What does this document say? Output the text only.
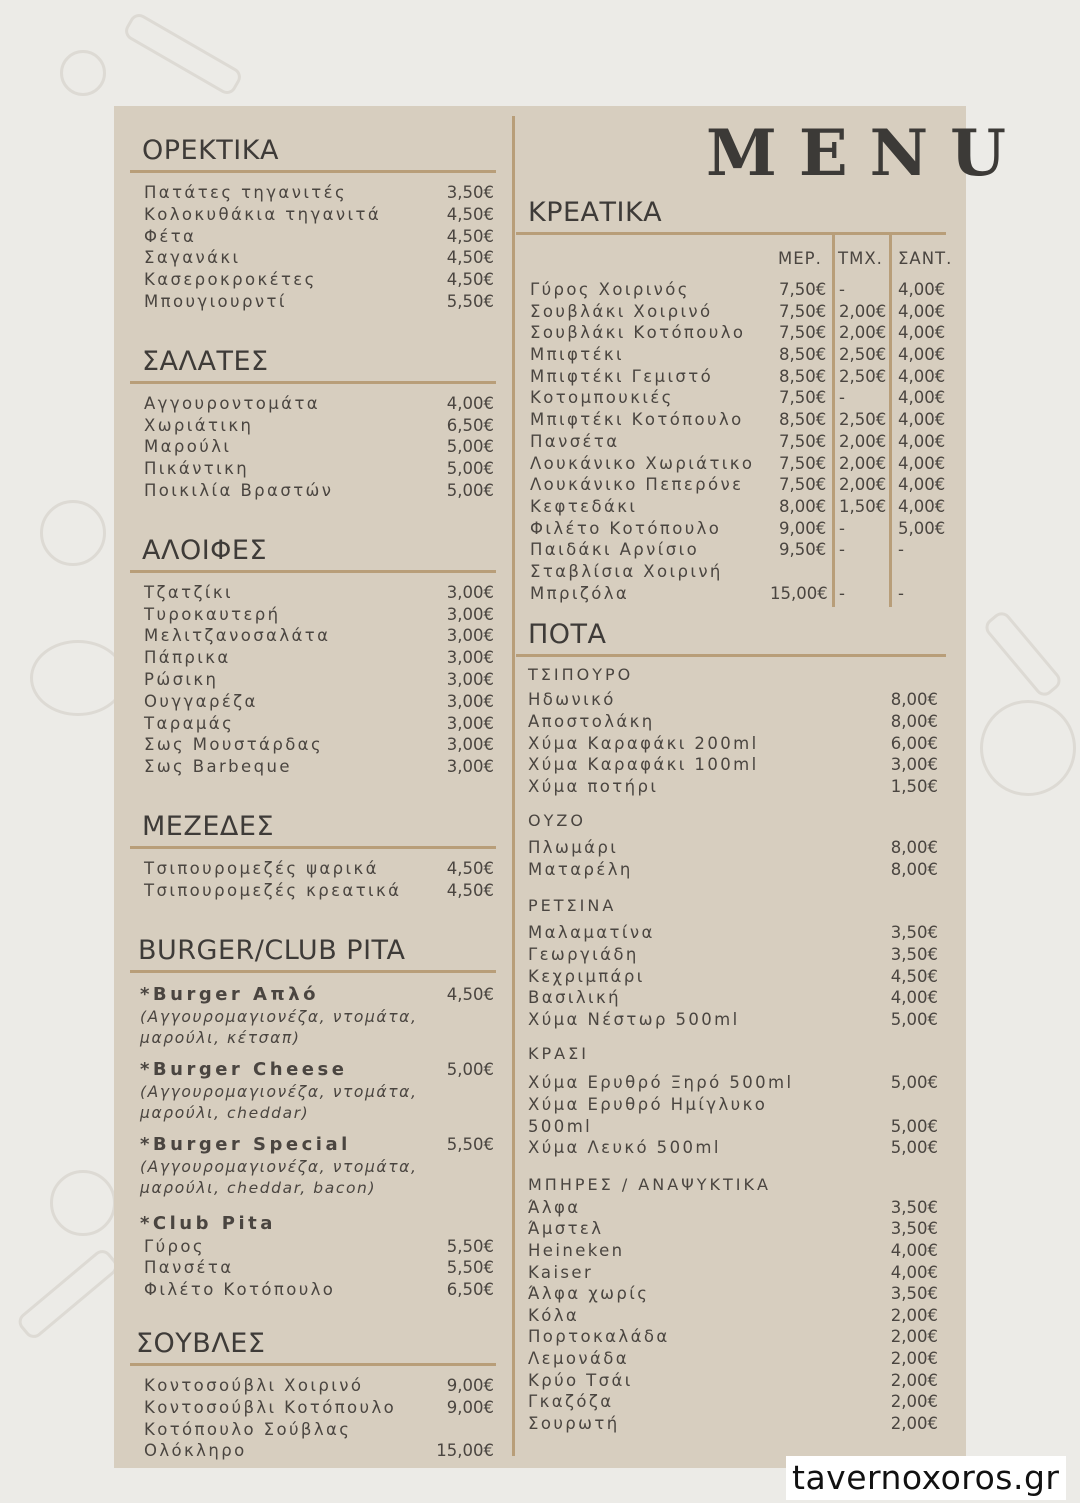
ΟΡΕΚΤΙΚΑ
Πατάτες τηγανιτές	3,50€
Κολοκυθάκια τηγανιτά	4,50€
Φέτα	4,50€
Σαγανάκι	4,50€
Κασεροκροκέτες	4,50€
Μπουγιουρντί	5,50€
ΣΑΛΑΤΕΣ
Αγγουροντομάτα	4,00€
Χωριάτικη	6,50€
Μαρούλι	5,00€
Πικάντικη	5,00€
Ποικιλία Βραστών	5,00€
ΑΛΟΙΦΕΣ
Τζατζίκι	3,00€
Τυροκαυτερή	3,00€
Μελιτζανοσαλάτα	3,00€
Πάπρικα	3,00€
Ρώσικη	3,00€
Ουγγαρέζα	3,00€
Ταραμάς	3,00€
Σως Μουστάρδας	3,00€
Σως Barbeque	3,00€
ΜΕΖΕΔΕΣ
Τσιπουρομεζές ψαρικά	4,50€
Τσιπουρομεζές κρεατικά	4,50€
BURGER/CLUB PITA
*Burger Απλό	4,50€
(Αγγουρομαγιονέζα, ντομάτα,
μαρούλι, κέτσαπ)
*Burger Cheese	5,00€
(Αγγουρομαγιονέζα, ντομάτα,
μαρούλι, cheddar)
*Burger Special	5,50€
(Αγγουρομαγιονέζα, ντομάτα,
μαρούλι, cheddar, bacon)
*Club Pita
Γύρος	5,50€
Πανσέτα	5,50€
Φιλέτο Κοτόπουλο	6,50€
ΣΟΥΒΛΕΣ
Κοντοσούβλι Χοιρινό	9,00€
Κοντοσούβλι Κοτόπουλο	9,00€
Κοτόπουλο Σούβλας
Ολόκληρο	15,00€
MENU
ΚΡΕΑΤΙΚΑ
ΜΕΡ. ΤΜΧ. ΣΑΝΤ.
Γύρος Χοιρινός	7,50€ -	4,00€
Σουβλάκι Χοιρινό	7,50€ 2,00€ 4,00€
Σουβλάκι Κοτόπουλο 7,50€ 2,00€ 4,00€
Μπιφτέκι	8,50€ 2,50€ 4,00€
Μπιφτέκι Γεμιστό	8,50€ 2,50€ 4,00€
Κοτομπουκιές	7,50€ -	4,00€
Μπιφτέκι Κοτόπουλο 8,50€ 2,50€ 4,00€
Πανσέτα	7,50€ 2,00€ 4,00€
Λουκάνικο Χωριάτικο 7,50€ 2,00€ 4,00€
Λουκάνικο Πεπερόνε 7,50€ 2,00€ 4,00€
Κεφτεδάκι	8,00€ 1,50€ 4,00€
Φιλέτο Κοτόπουλο	9,00€ -	5,00€
Παιδάκι Αρνίσιο	9,50€ -	-
Σταβλίσια Χοιρινή
Μπριζόλα	15,00€ -	-
ΠΟΤΑ
ΤΣΙΠΟΥΡΟ
Ηδωνικό	8,00€
Αποστολάκη	8,00€
Χύμα Καραφάκι 200ml	6,00€
Χύμα Καραφάκι 100ml	3,00€
Χύμα ποτήρι	1,50€
ΟΥΖΟ
Πλωμάρι	8,00€
Ματαρέλη	8,00€
ΡΕΤΣΙΝΑ
Μαλαματίνα	3,50€
Γεωργιάδη	3,50€
Κεχριμπάρι	4,50€
Βασιλική	4,00€
Χύμα Νέστωρ 500ml	5,00€
ΚΡΑΣΙ
Χύμα Ερυθρό Ξηρό 500ml	5,00€
Χύμα Ερυθρό Ημίγλυκο
500ml	5,00€
Χύμα Λευκό 500ml	5,00€
ΜΠΗΡΕΣ / ΑΝΑΨΥΚΤΙΚΑ
Άλφα	3,50€
Άμστελ	3,50€
Heineken	4,00€
Kaiser	4,00€
Άλφα χωρίς	3,50€
Κόλα	2,00€
Πορτοκαλάδα	2,00€
Λεμονάδα	2,00€
Κρύο Τσάι	2,00€
Γκαζόζα	2,00€
Σουρωτή	2,00€
tavernoxoros.gr
